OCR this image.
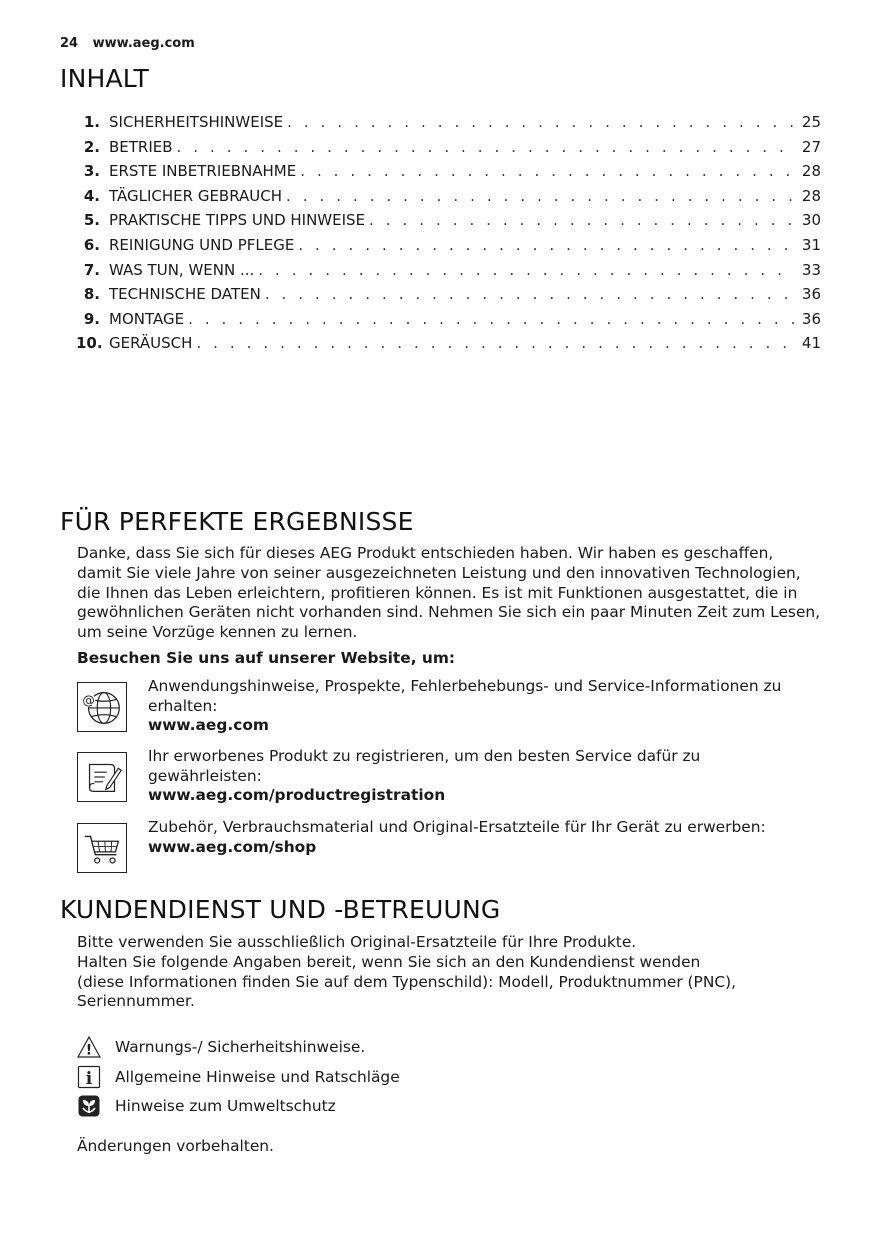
24 www.aeg.com
INHALT
1. SICHERHEITSHINWEISE . . .	25
2. BETRIEB . . .	27
3. ERSTE INBETRIEBNAHME . . .	28
4. TÄGLICHER GEBRAUCH . . .	28
5. PRAKTISCHE TIPPS UND HINWEISE . . .	30
6. REINIGUNG UND PFLEGE . . .	31
7. WAS TUN, WENN ... . . .	33
8. TECHNISCHE DATEN . . .	36
9. MONTAGE . . .	36
10. GERÄUSCH . . .	41
FÜR PERFEKTE ERGEBNISSE

Danke, dass Sie sich für dieses AEG Produkt entschieden haben. Wir haben es geschaffen, damit Sie viele Jahre von seiner ausgezeichneten Leistung und den innovativen Technologien, die Ihnen das Leben erleichtern, profitieren können. Es ist mit Funktionen ausgestattet, die in gewöhnlichen Geräten nicht vorhanden sind. Nehmen Sie sich ein paar Minuten Zeit zum Lesen, um seine Vorzüge kennen zu lernen.

Besuchen Sie uns auf unserer Website, um:
@
Anwendungshinweise, Prospekte, Fehlerbehebungs- und Service-Informationen zu erhalten:
www.aeg.com
Ihr erworbenes Produkt zu registrieren, um den besten Service dafür zu gewährleisten:
www.aeg.com/productregistration
Zubehör, Verbrauchsmaterial und Original-Ersatzteile für Ihr Gerät zu erwerben:
www.aeg.com/shop
KUNDENDIENST UND -BETREUUNG
Bitte verwenden Sie ausschließlich Original-Ersatzteile für Ihre Produkte.
Halten Sie folgende Angaben bereit, wenn Sie sich an den Kundendienst wenden
(diese Informationen finden Sie auf dem Typenschild): Modell, Produktnummer (PNC),
Seriennummer.
! Warnungs-/ Sicherheitshinweise.
i Allgemeine Hinweise und Ratschläge
Hinweise zum Umweltschutz
Änderungen vorbehalten.
